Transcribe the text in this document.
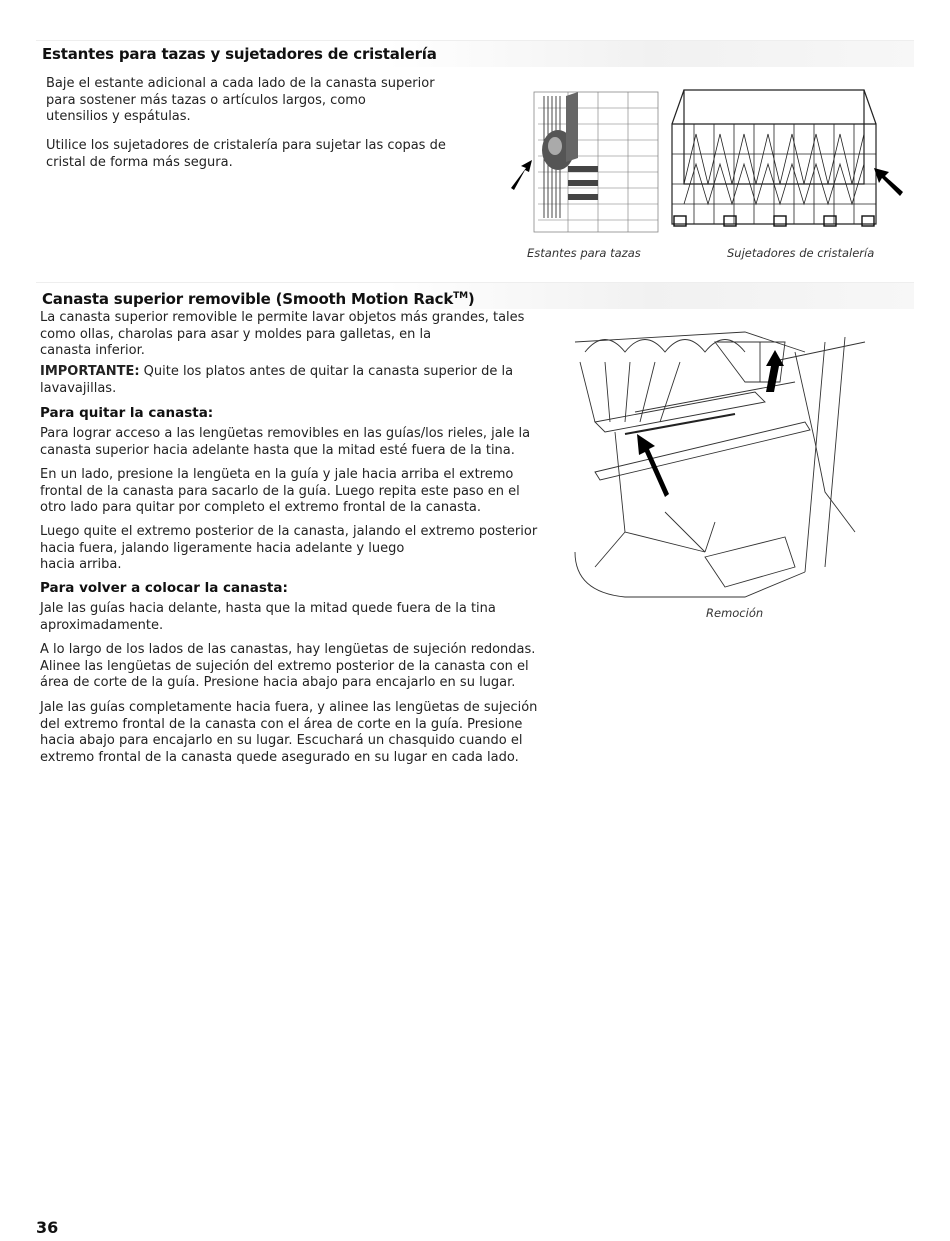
Estantes para tazas y sujetadores de cristalería

Baje el estante adicional a cada lado de la canasta superior
para sostener más tazas o artículos largos, como
utensilios y espátulas.

Utilice los sujetadores de cristalería para sujetar las copas de
cristal de forma más segura.

Estantes para tazas	Sujetadores de cristalería
Canasta superior removible (Smooth Motion Rack™)

La canasta superior removible le permite lavar objetos más grandes, tales
como ollas, charolas para asar y moldes para galletas, en la
canasta inferior.

IMPORTANTE: Quite los platos antes de quitar la canasta superior de la
lavavajillas.

Para quitar la canasta:

Para lograr acceso a las lengüetas removibles en las guías/los rieles, jale la
canasta superior hacia adelante hasta que la mitad esté fuera de la tina.

En un lado, presione la lengüeta en la guía y jale hacia arriba el extremo
frontal de la canasta para sacarlo de la guía. Luego repita este paso en el
otro lado para quitar por completo el extremo frontal de la canasta.

Luego quite el extremo posterior de la canasta, jalando el extremo posterior
hacia fuera, jalando ligeramente hacia adelante y luego
hacia arriba.

Para volver a colocar la canasta:

Jale las guías hacia delante, hasta que la mitad quede fuera de la tina
aproximadamente.

A lo largo de los lados de las canastas, hay lengüetas de sujeción redondas.
Alinee las lengüetas de sujeción del extremo posterior de la canasta con el
área de corte de la guía. Presione hacia abajo para encajarlo en su lugar.

Jale las guías completamente hacia fuera, y alinee las lengüetas de sujeción
del extremo frontal de la canasta con el área de corte en la guía. Presione
hacia abajo para encajarlo en su lugar. Escuchará un chasquido cuando el
extremo frontal de la canasta quede asegurado en su lugar en cada lado.

Remoción
36
